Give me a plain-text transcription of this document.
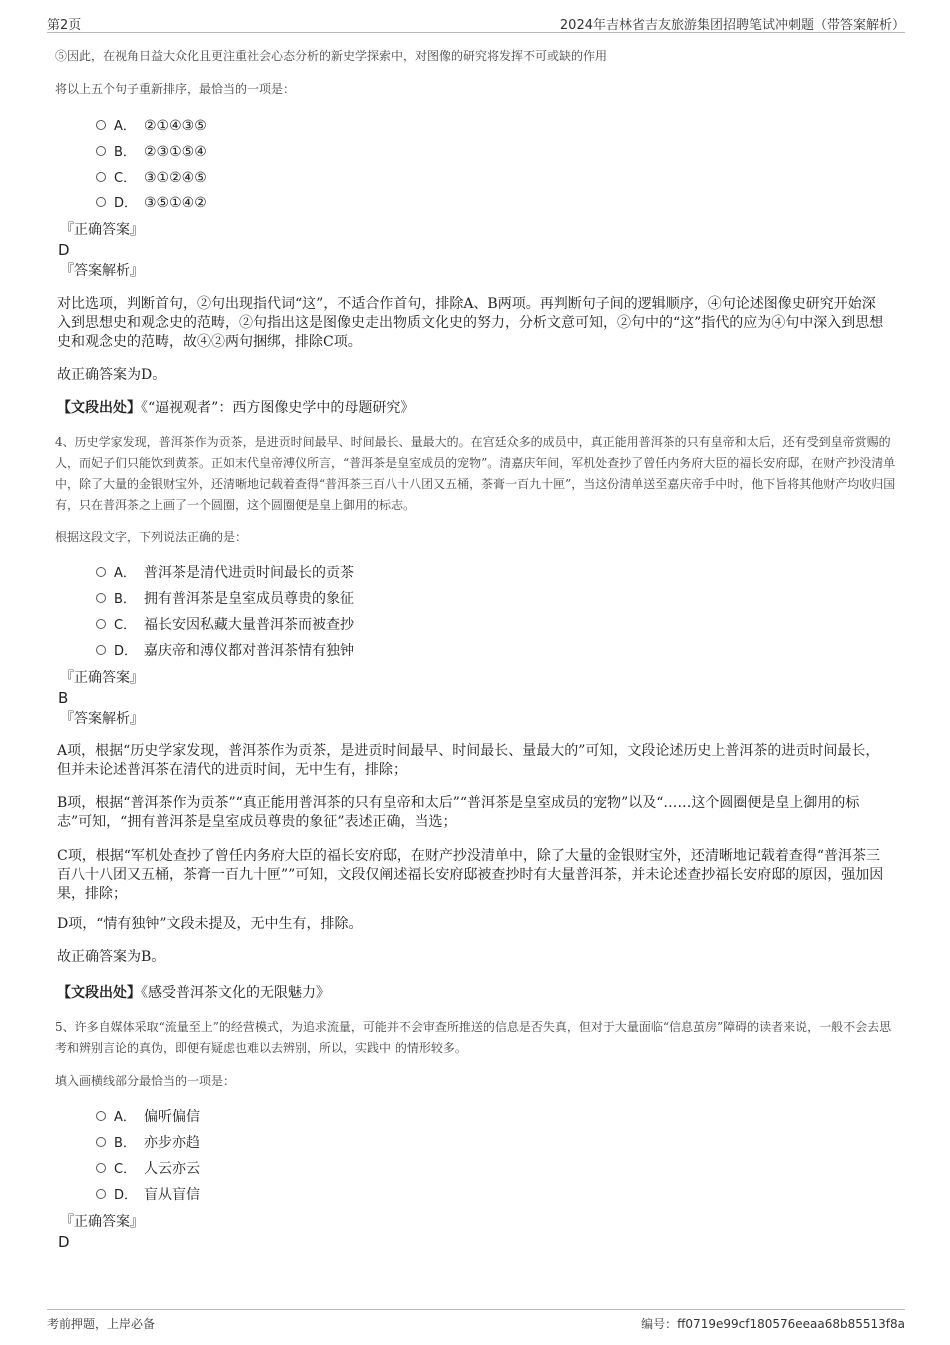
第2页	2024年吉林省吉友旅游集团招聘笔试冲刺题（带答案解析）
⑤因此，在视角日益大众化且更注重社会心态分析的新史学探索中，对图像的研究将发挥不可或缺的作用
将以上五个句子重新排序，最恰当的一项是：
A． ②①④③⑤
B． ②③①⑤④
C． ③①②④⑤
D． ③⑤①④②
『正确答案』
D
『答案解析』
对比选项，判断首句，②句出现指代词“这”，不适合作首句，排除A、B两项。再判断句子间的逻辑顺序，④句论述图像史研究开始深入到思想史和观念史的范畴，②句指出这是图像史走出物质文化史的努力，分析文意可知，②句中的“这”指代的应为④句中深入到思想史和观念史的范畴，故④②两句捆绑，排除C项。
故正确答案为D。
【文段出处】《“逼视观者”：西方图像史学中的母题研究》
4、历史学家发现，普洱茶作为贡茶，是进贡时间最早、时间最长、量最大的。在宫廷众多的成员中，真正能用普洱茶的只有皇帝和太后，还有受到皇帝赏赐的人，而妃子们只能饮到黄茶。正如末代皇帝溥仪所言，“普洱茶是皇室成员的宠物”。清嘉庆年间，军机处查抄了曾任内务府大臣的福长安府邸，在财产抄没清单中，除了大量的金银财宝外，还清晰地记载着查得“普洱茶三百八十八团又五桶，茶膏一百九十匣”，当这份清单送至嘉庆帝手中时，他下旨将其他财产均收归国有，只在普洱茶之上画了一个圆圈，这个圆圈便是皇上御用的标志。
根据这段文字，下列说法正确的是：
A． 普洱茶是清代进贡时间最长的贡茶
B． 拥有普洱茶是皇室成员尊贵的象征
C． 福长安因私藏大量普洱茶而被查抄
D． 嘉庆帝和溥仪都对普洱茶情有独钟
『正确答案』
B
『答案解析』
A项，根据“历史学家发现，普洱茶作为贡茶，是进贡时间最早、时间最长、量最大的”可知，文段论述历史上普洱茶的进贡时间最长，但并未论述普洱茶在清代的进贡时间，无中生有，排除；
B项，根据“普洱茶作为贡茶”“真正能用普洱茶的只有皇帝和太后”“普洱茶是皇室成员的宠物”以及“……这个圆圈便是皇上御用的标志”可知，“拥有普洱茶是皇室成员尊贵的象征”表述正确，当选；
C项，根据“军机处查抄了曾任内务府大臣的福长安府邸，在财产抄没清单中，除了大量的金银财宝外，还清晰地记载着查得“普洱茶三百八十八团又五桶，茶膏一百九十匣””可知，文段仅阐述福长安府邸被查抄时有大量普洱茶，并未论述查抄福长安府邸的原因，强加因果，排除；
D项，“情有独钟”文段未提及，无中生有，排除。
故正确答案为B。
【文段出处】《感受普洱茶文化的无限魅力》
5、许多自媒体采取“流量至上”的经营模式，为追求流量，可能并不会审查所推送的信息是否失真，但对于大量面临“信息茧房”障碍的读者来说，一般不会去思考和辨别言论的真伪，即便有疑虑也难以去辨别，所以，实践中 的情形较多。
填入画横线部分最恰当的一项是：
A． 偏听偏信
B． 亦步亦趋
C． 人云亦云
D． 盲从盲信
『正确答案』
D
考前押题，上岸必备	编号：ff0719e99cf180576eeaa68b85513f8a
